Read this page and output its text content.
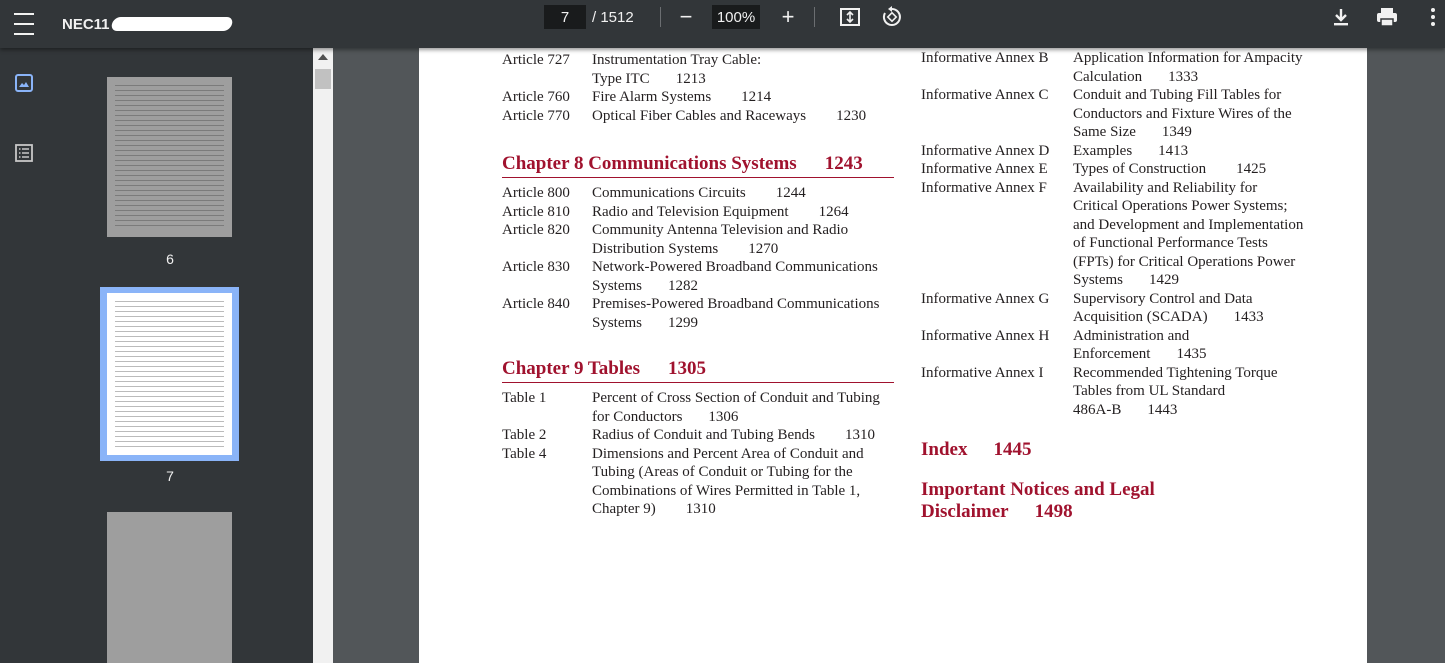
NEC11	7	/ 1512	−	100%	+
6
7
Article 727	Instrumentation Tray Cable:
Type ITC 1213
Article 760	Fire Alarm Systems 1214
Article 770	Optical Fiber Cables and Raceways 1230
Chapter 8 Communications Systems 1243
Article 800	Communications Circuits 1244
Article 810	Radio and Television Equipment 1264
Article 820	Community Antenna Television and Radio
Distribution Systems 1270
Article 830	Network-Powered Broadband Communications
Systems 1282
Article 840	Premises-Powered Broadband Communications
Systems 1299
Chapter 9 Tables 1305
Table 1	Percent of Cross Section of Conduit and Tubing
for Conductors 1306
Table 2	Radius of Conduit and Tubing Bends 1310
Table 4	Dimensions and Percent Area of Conduit and
Tubing (Areas of Conduit or Tubing for the
Combinations of Wires Permitted in Table 1,
Chapter 9) 1310
Informative Annex B	Application Information for Ampacity
Calculation 1333
Informative Annex C	Conduit and Tubing Fill Tables for
Conductors and Fixture Wires of the
Same Size 1349
Informative Annex D	Examples 1413
Informative Annex E	Types of Construction 1425
Informative Annex F	Availability and Reliability for
Critical Operations Power Systems;
and Development and Implementation
of Functional Performance Tests
(FPTs) for Critical Operations Power
Systems 1429
Informative Annex G	Supervisory Control and Data
Acquisition (SCADA) 1433
Informative Annex H	Administration and
Enforcement 1435
Informative Annex I	Recommended Tightening Torque
Tables from UL Standard
486A-B 1443
Index 1445
Important Notices and Legal
Disclaimer 1498
